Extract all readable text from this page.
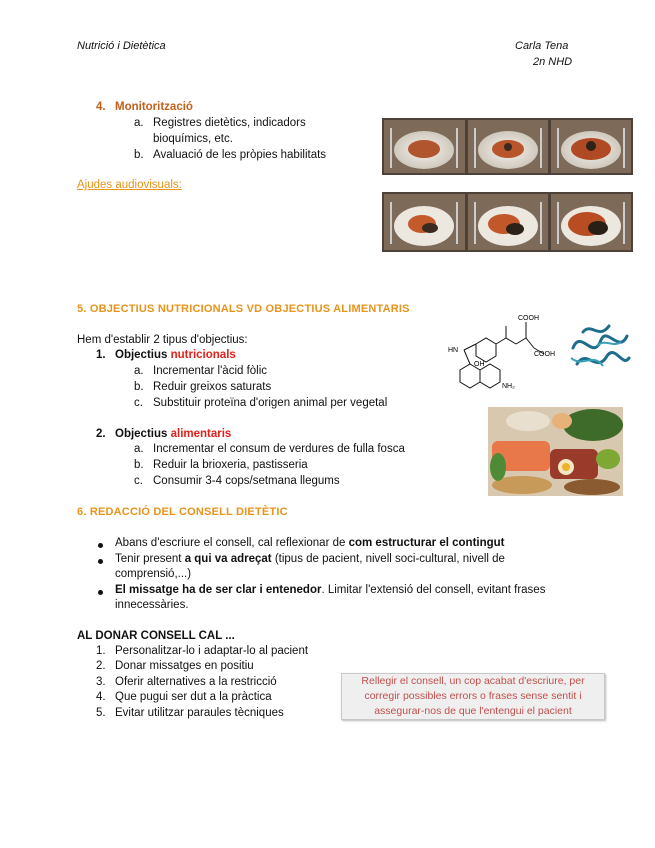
Nutrició i Dietètica	Carla Tena
2n NHD
4. Monitorització
a. Registres dietètics, indicadors
bioquímics, etc.
b. Avaluació de les pròpies habilitats
Ajudes audiovisuals:
5. OBJECTIUS NUTRICIONALS VD OBJECTIUS ALIMENTARIS
Hem d'establir 2 tipus d'objectius:
1. Objectius nutricionals
a. Incrementar l'àcid fòlic
b. Reduir greixos saturats
c. Substituir proteïna d'origen animal per vegetal
2. Objectius alimentaris
a. Incrementar el consum de verdures de fulla fosca
b. Reduir la brioxeria, pastisseria
c. Consumir 3-4 cops/setmana llegums
COOH
COOH
OH
HN
NH₂
6. REDACCIÓ DEL CONSELL DIETÈTIC
Abans d'escriure el consell, cal reflexionar de com estructurar el contingut
Tenir present a qui va adreçat (tipus de pacient, nivell soci-cultural, nivell de
comprensió,...)
El missatge ha de ser clar i entenedor. Limitar l'extensió del consell, evitant frases
innecessàries.
AL DONAR CONSELL CAL ...
1. Personalitzar-lo i adaptar-lo al pacient
2. Donar missatges en positiu
3. Oferir alternatives a la restricció
4. Que pugui ser dut a la pràctica
5. Evitar utilitzar paraules tècniques
Rellegir el consell, un cop acabat d'escriure, per
corregir possibles errors o frases sense sentit i
assegurar-nos de que l'entengui el pacient
